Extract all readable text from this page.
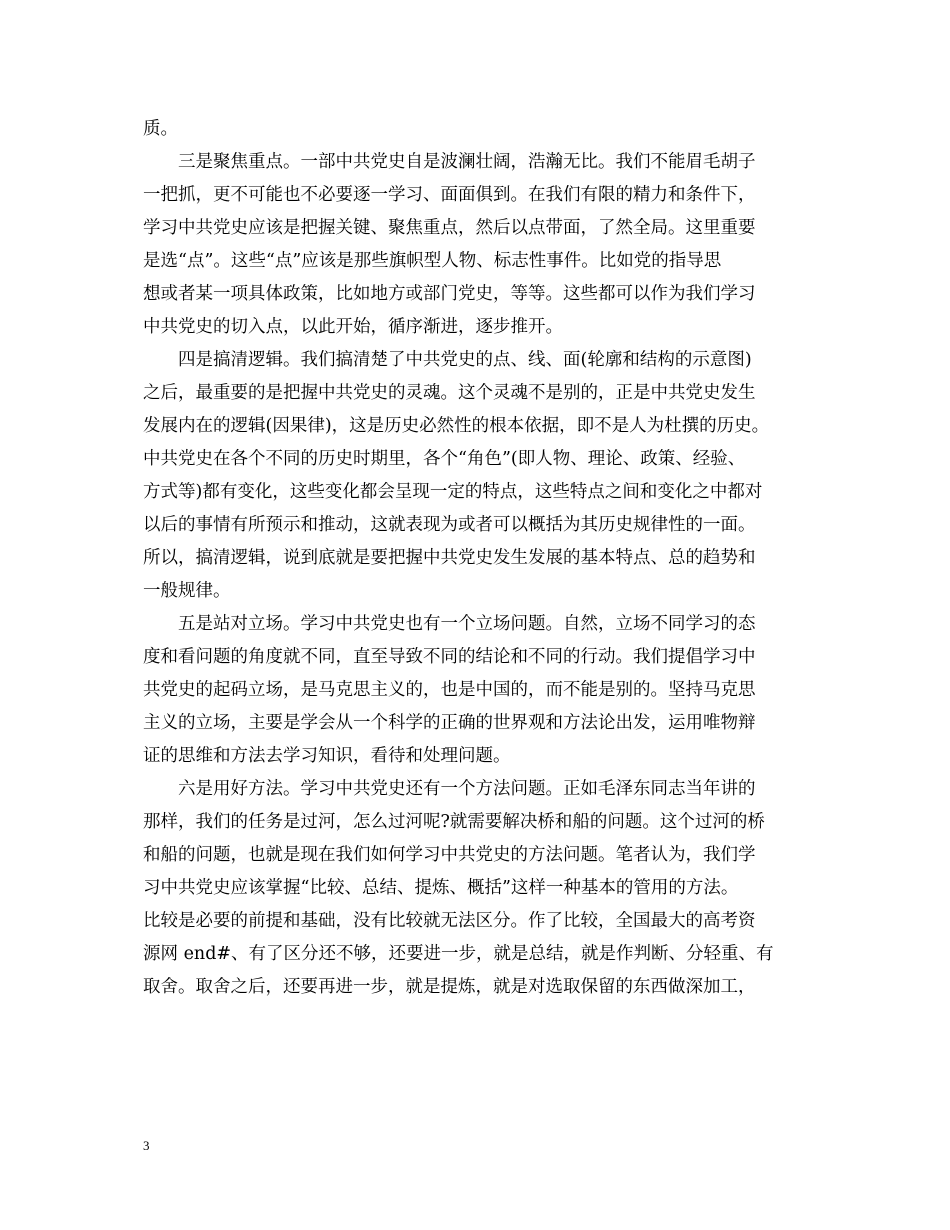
质。
　　三是聚焦重点。一部中共党史自是波澜壮阔，浩瀚无比。我们不能眉毛胡子
一把抓，更不可能也不必要逐一学习、面面俱到。在我们有限的精力和条件下，
学习中共党史应该是把握关键、聚焦重点，然后以点带面，了然全局。这里重要
是选“点”。这些“点”应该是那些旗帜型人物、标志性事件。比如党的指导思
想或者某一项具体政策，比如地方或部门党史，等等。这些都可以作为我们学习
中共党史的切入点，以此开始，循序渐进，逐步推开。
　　四是搞清逻辑。我们搞清楚了中共党史的点、线、面(轮廓和结构的示意图)
之后，最重要的是把握中共党史的灵魂。这个灵魂不是别的，正是中共党史发生
发展内在的逻辑(因果律)，这是历史必然性的根本依据，即不是人为杜撰的历史。
中共党史在各个不同的历史时期里，各个“角色”(即人物、理论、政策、经验、
方式等)都有变化，这些变化都会呈现一定的特点，这些特点之间和变化之中都对
以后的事情有所预示和推动，这就表现为或者可以概括为其历史规律性的一面。
所以，搞清逻辑，说到底就是要把握中共党史发生发展的基本特点、总的趋势和
一般规律。
　　五是站对立场。学习中共党史也有一个立场问题。自然，立场不同学习的态
度和看问题的角度就不同，直至导致不同的结论和不同的行动。我们提倡学习中
共党史的起码立场，是马克思主义的，也是中国的，而不能是别的。坚持马克思
主义的立场，主要是学会从一个科学的正确的世界观和方法论出发，运用唯物辩
证的思维和方法去学习知识，看待和处理问题。
　　六是用好方法。学习中共党史还有一个方法问题。正如毛泽东同志当年讲的
那样，我们的任务是过河，怎么过河呢?就需要解决桥和船的问题。这个过河的桥
和船的问题，也就是现在我们如何学习中共党史的方法问题。笔者认为，我们学
习中共党史应该掌握“比较、总结、提炼、概括”这样一种基本的管用的方法。
比较是必要的前提和基础，没有比较就无法区分。作了比较，全国最大的高考资
源网 end#、有了区分还不够，还要进一步，就是总结，就是作判断、分轻重、有
取舍。取舍之后，还要再进一步，就是提炼，就是对选取保留的东西做深加工，
3
